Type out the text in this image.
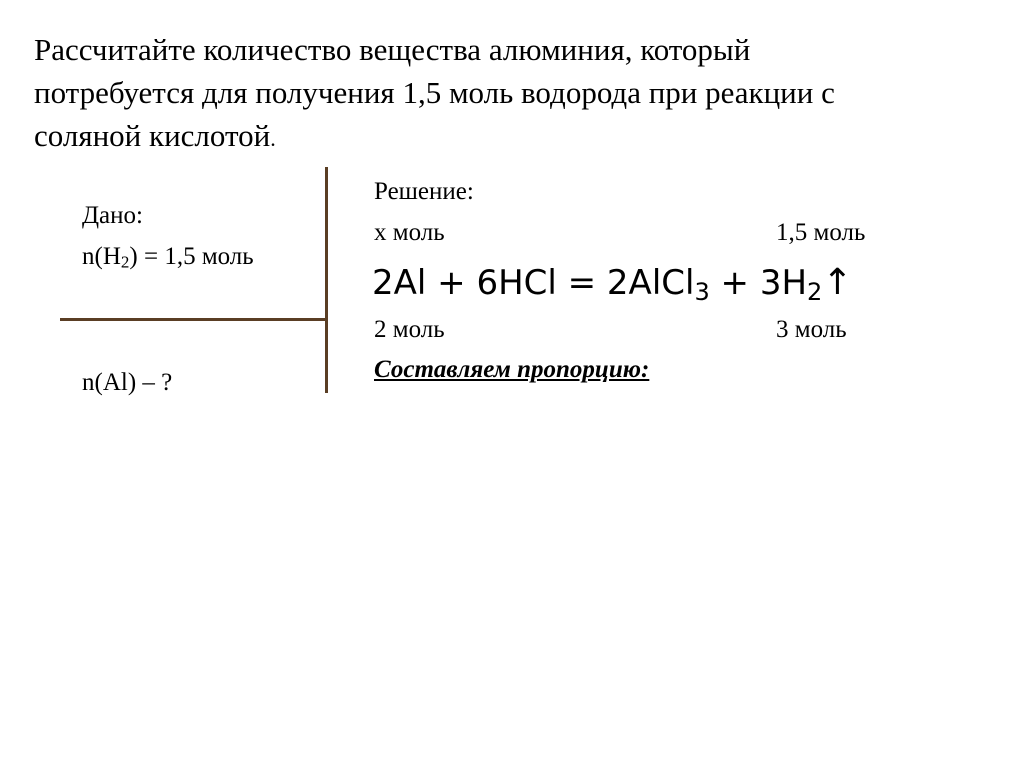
Рассчитайте количество вещества алюминия, который
потребуется для получения 1,5 моль водорода при реакции с
соляной кислотой.
Дано:
$n(H_2) = 1,5$ моль
n(Al) – ?
Решение:
х моль	1,5 моль
2Al + 6HCl = 2AlCl3 + 3H2↑
2 моль	3 моль
Составляем пропорцию:
